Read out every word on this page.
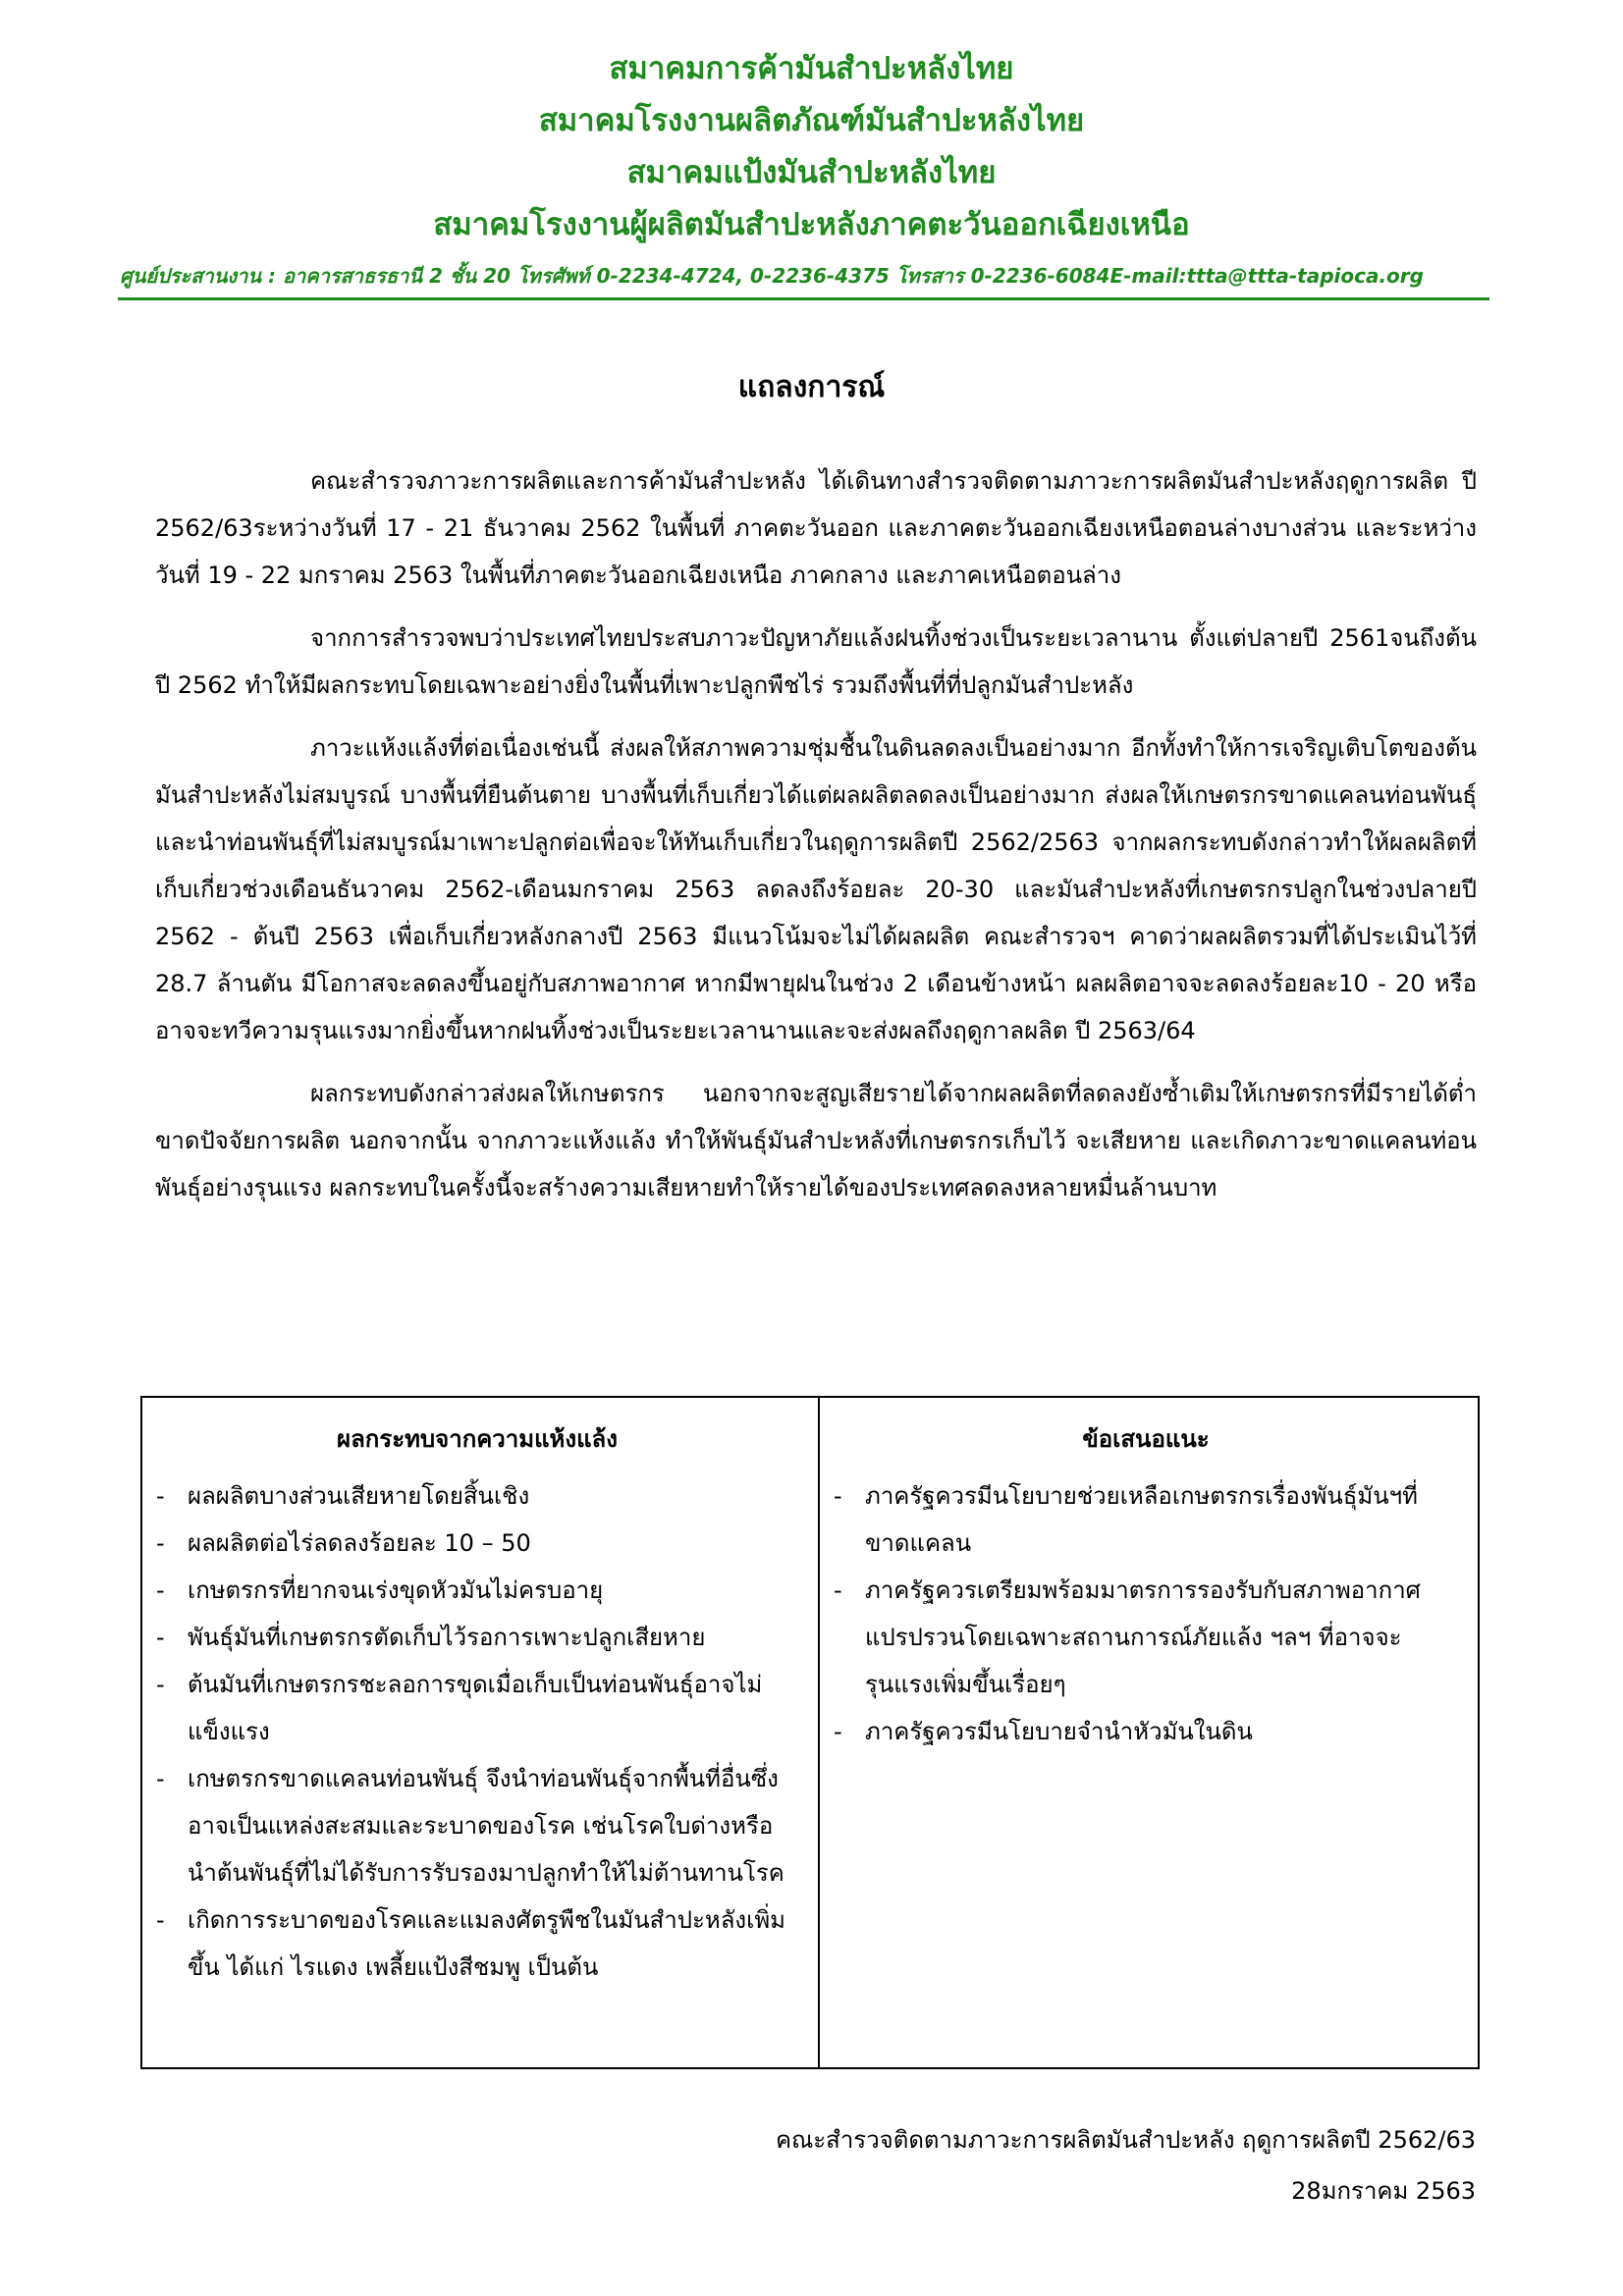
สมาคมการค้ามันสำปะหลังไทย
สมาคมโรงงานผลิตภัณฑ์มันสำปะหลังไทย
สมาคมแป้งมันสำปะหลังไทย
สมาคมโรงงานผู้ผลิตมันสำปะหลังภาคตะวันออกเฉียงเหนือ
ศูนย์ประสานงาน : อาคารสาธรธานี 2 ชั้น 20 โทรศัพท์ 0-2234-4724, 0-2236-4375 โทรสาร 0-2236-6084E-mail:ttta@ttta-tapioca.org
แถลงการณ์

คณะสำรวจภาวะการผลิตและการค้ามันสำปะหลัง ได้เดินทางสำรวจติดตามภาวะการผลิตมันสำปะหลังฤดูการผลิต ปี 2562/63ระหว่างวันที่ 17 - 21 ธันวาคม 2562 ในพื้นที่ ภาคตะวันออก และภาคตะวันออกเฉียงเหนือตอนล่างบางส่วน และระหว่างวันที่ 19 - 22 มกราคม 2563 ในพื้นที่ภาคตะวันออกเฉียงเหนือ ภาคกลาง และภาคเหนือตอนล่าง

จากการสำรวจพบว่าประเทศไทยประสบภาวะปัญหาภัยแล้งฝนทิ้งช่วงเป็นระยะเวลานาน ตั้งแต่ปลายปี 2561จนถึงต้นปี 2562 ทำให้มีผลกระทบโดยเฉพาะอย่างยิ่งในพื้นที่เพาะปลูกพืชไร่ รวมถึงพื้นที่ที่ปลูกมันสำปะหลัง

ภาวะแห้งแล้งที่ต่อเนื่องเช่นนี้ ส่งผลให้สภาพความชุ่มชื้นในดินลดลงเป็นอย่างมาก อีกทั้งทำให้การเจริญเติบโตของต้นมันสำปะหลังไม่สมบูรณ์ บางพื้นที่ยืนต้นตาย บางพื้นที่เก็บเกี่ยวได้แต่ผลผลิตลดลงเป็นอย่างมาก ส่งผลให้เกษตรกรขาดแคลนท่อนพันธุ์และนำท่อนพันธุ์ที่ไม่สมบูรณ์มาเพาะปลูกต่อเพื่อจะให้ทันเก็บเกี่ยวในฤดูการผลิตปี 2562/2563 จากผลกระทบดังกล่าวทำให้ผลผลิตที่เก็บเกี่ยวช่วงเดือนธันวาคม 2562-เดือนมกราคม 2563 ลดลงถึงร้อยละ 20-30 และมันสำปะหลังที่เกษตรกรปลูกในช่วงปลายปี 2562 - ต้นปี 2563 เพื่อเก็บเกี่ยวหลังกลางปี 2563 มีแนวโน้มจะไม่ได้ผลผลิต คณะสำรวจฯ คาดว่าผลผลิตรวมที่ได้ประเมินไว้ที่ 28.7 ล้านตัน มีโอกาสจะลดลงขึ้นอยู่กับสภาพอากาศ หากมีพายุฝนในช่วง 2 เดือนข้างหน้า ผลผลิตอาจจะลดลงร้อยละ10 - 20 หรืออาจจะทวีความรุนแรงมากยิ่งขึ้นหากฝนทิ้งช่วงเป็นระยะเวลานานและจะส่งผลถึงฤดูกาลผลิต ปี 2563/64

ผลกระทบดังกล่าวส่งผลให้เกษตรกร นอกจากจะสูญเสียรายได้จากผลผลิตที่ลดลงยังซ้ำเติมให้เกษตรกรที่มีรายได้ต่ำขาดปัจจัยการผลิต นอกจากนั้น จากภาวะแห้งแล้ง ทำให้พันธุ์มันสำปะหลังที่เกษตรกรเก็บไว้ จะเสียหาย และเกิดภาวะขาดแคลนท่อนพันธุ์อย่างรุนแรง ผลกระทบในครั้งนี้จะสร้างความเสียหายทำให้รายได้ของประเทศลดลงหลายหมื่นล้านบาท

ผลกระทบจากความแห้งแล้ง
- ผลผลิตบางส่วนเสียหายโดยสิ้นเชิง
- ผลผลิตต่อไร่ลดลงร้อยละ 10 – 50
- เกษตรกรที่ยากจนเร่งขุดหัวมันไม่ครบอายุ
- พันธุ์มันที่เกษตรกรตัดเก็บไว้รอการเพาะปลูกเสียหาย
- ต้นมันที่เกษตรกรชะลอการขุดเมื่อเก็บเป็นท่อนพันธุ์อาจไม่แข็งแรง
- เกษตรกรขาดแคลนท่อนพันธุ์ จึงนำท่อนพันธุ์จากพื้นที่อื่นซึ่งอาจเป็นแหล่งสะสมและระบาดของโรค เช่นโรคใบด่างหรือนำต้นพันธุ์ที่ไม่ได้รับการรับรองมาปลูกทำให้ไม่ต้านทานโรค
- เกิดการระบาดของโรคและแมลงศัตรูพืชในมันสำปะหลังเพิ่มขึ้น ได้แก่ ไรแดง เพลี้ยแป้งสีชมพู เป็นต้น
ข้อเสนอแนะ
- ภาครัฐควรมีนโยบายช่วยเหลือเกษตรกรเรื่องพันธุ์มันฯที่ขาดแคลน
- ภาครัฐควรเตรียมพร้อมมาตรการรองรับกับสภาพอากาศแปรปรวนโดยเฉพาะสถานการณ์ภัยแล้ง ฯลฯ ที่อาจจะรุนแรงเพิ่มขึ้นเรื่อยๆ
- ภาครัฐควรมีนโยบายจำนำหัวมันในดิน
คณะสำรวจติดตามภาวะการผลิตมันสำปะหลัง ฤดูการผลิตปี 2562/63
28มกราคม 2563
